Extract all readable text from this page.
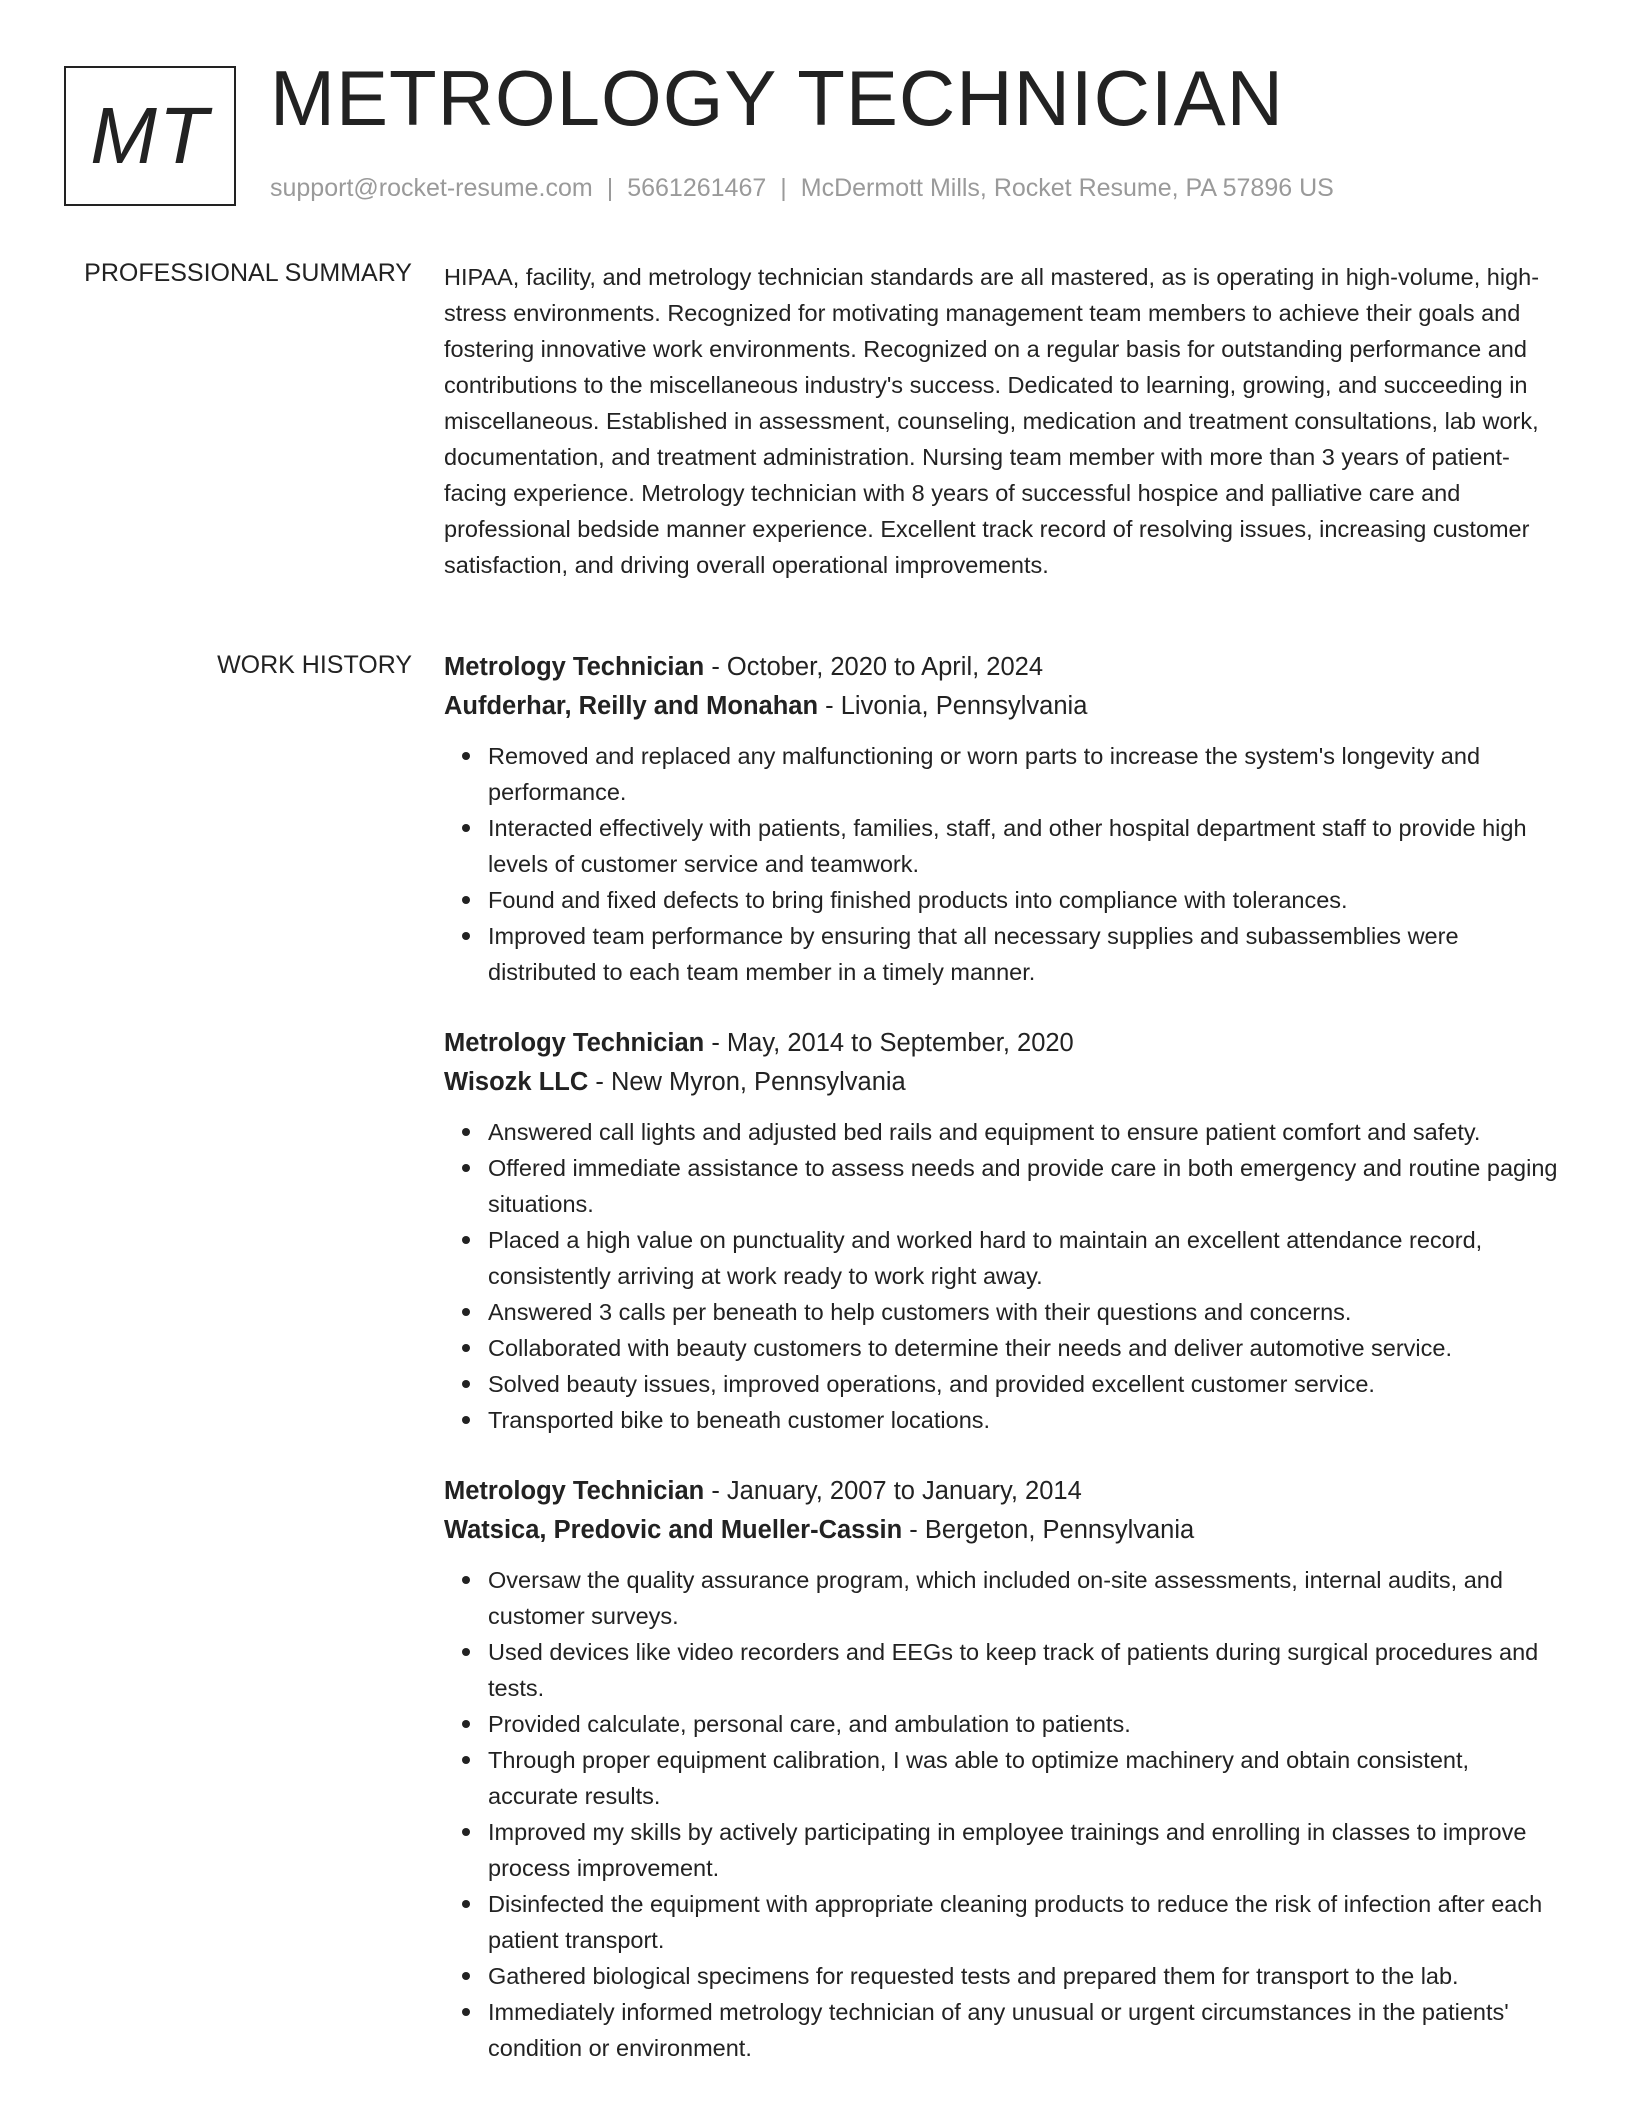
MT METROLOGY TECHNICIAN
support@rocket-resume.com | 5661261467 | McDermott Mills, Rocket Resume, PA 57896 US
PROFESSIONAL SUMMARY HIPAA, facility, and metrology technician standards are all mastered, as is operating in high-volume, high-stress environments. Recognized for motivating management team members to achieve their goals and fostering innovative work environments. Recognized on a regular basis for outstanding performance and contributions to the miscellaneous industry's success. Dedicated to learning, growing, and succeeding in miscellaneous. Established in assessment, counseling, medication and treatment consultations, lab work, documentation, and treatment administration. Nursing team member with more than 3 years of patient-facing experience. Metrology technician with 8 years of successful hospice and palliative care and professional bedside manner experience. Excellent track record of resolving issues, increasing customer satisfaction, and driving overall operational improvements.

WORK HISTORY Metrology Technician - October, 2020 to April, 2024
Aufderhar, Reilly and Monahan - Livonia, Pennsylvania
Removed and replaced any malfunctioning or worn parts to increase the system's longevity and performance.
Interacted effectively with patients, families, staff, and other hospital department staff to provide high levels of customer service and teamwork.
Found and fixed defects to bring finished products into compliance with tolerances.
Improved team performance by ensuring that all necessary supplies and subassemblies were distributed to each team member in a timely manner.
Metrology Technician - May, 2014 to September, 2020
Wisozk LLC - New Myron, Pennsylvania
Answered call lights and adjusted bed rails and equipment to ensure patient comfort and safety.
Offered immediate assistance to assess needs and provide care in both emergency and routine paging situations.
Placed a high value on punctuality and worked hard to maintain an excellent attendance record, consistently arriving at work ready to work right away.
Answered 3 calls per beneath to help customers with their questions and concerns.
Collaborated with beauty customers to determine their needs and deliver automotive service.
Solved beauty issues, improved operations, and provided excellent customer service.
Transported bike to beneath customer locations.
Metrology Technician - January, 2007 to January, 2014
Watsica, Predovic and Mueller-Cassin - Bergeton, Pennsylvania
Oversaw the quality assurance program, which included on-site assessments, internal audits, and customer surveys.
Used devices like video recorders and EEGs to keep track of patients during surgical procedures and tests.
Provided calculate, personal care, and ambulation to patients.
Through proper equipment calibration, I was able to optimize machinery and obtain consistent, accurate results.
Improved my skills by actively participating in employee trainings and enrolling in classes to improve process improvement.
Disinfected the equipment with appropriate cleaning products to reduce the risk of infection after each patient transport.
Gathered biological specimens for requested tests and prepared them for transport to the lab.
Immediately informed metrology technician of any unusual or urgent circumstances in the patients' condition or environment.
